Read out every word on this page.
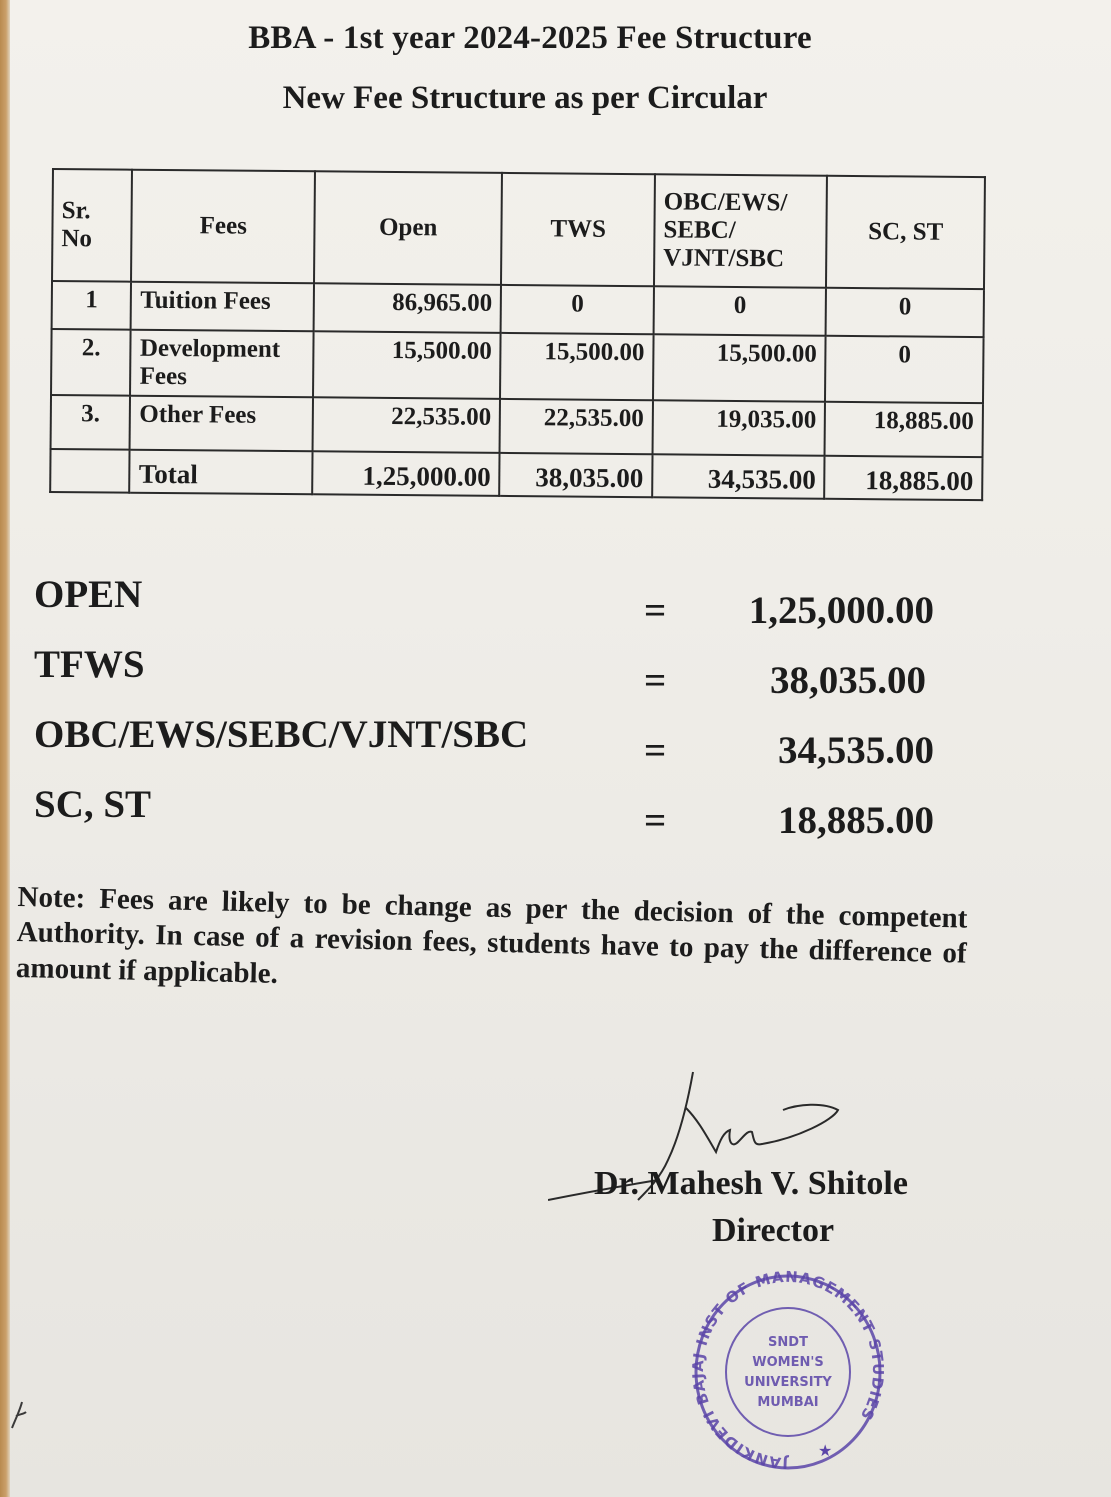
BBA - 1st year 2024-2025 Fee Structure
New Fee Structure as per Circular
Sr. No	Fees	Open	TWS	OBC/EWS/ SEBC/ VJNT/SBC	SC, ST
1	Tuition Fees	86,965.00	0	0	0
2.	Development Fees	15,500.00	15,500.00	15,500.00	0
3.	Other Fees	22,535.00	22,535.00	19,035.00	18,885.00
	Total	1,25,000.00	38,035.00	34,535.00	18,885.00
OPEN	= 1,25,000.00
TFWS	=	38,035.00
OBC/EWS/SEBC/VJNT/SBC	=	34,535.00
SC, ST	=	18,885.00
Note: Fees are likely to be change as per the decision of the competent Authority. In case of a revision fees, students have to pay the difference of amount if applicable.
Dr. Mahesh V. Shitole
Director
JANKIDEVI BAJAJ INST OF MANAGEMENT STUDIES
SNDT
WOMEN'S
UNIVERSITY
MUMBAI
★
